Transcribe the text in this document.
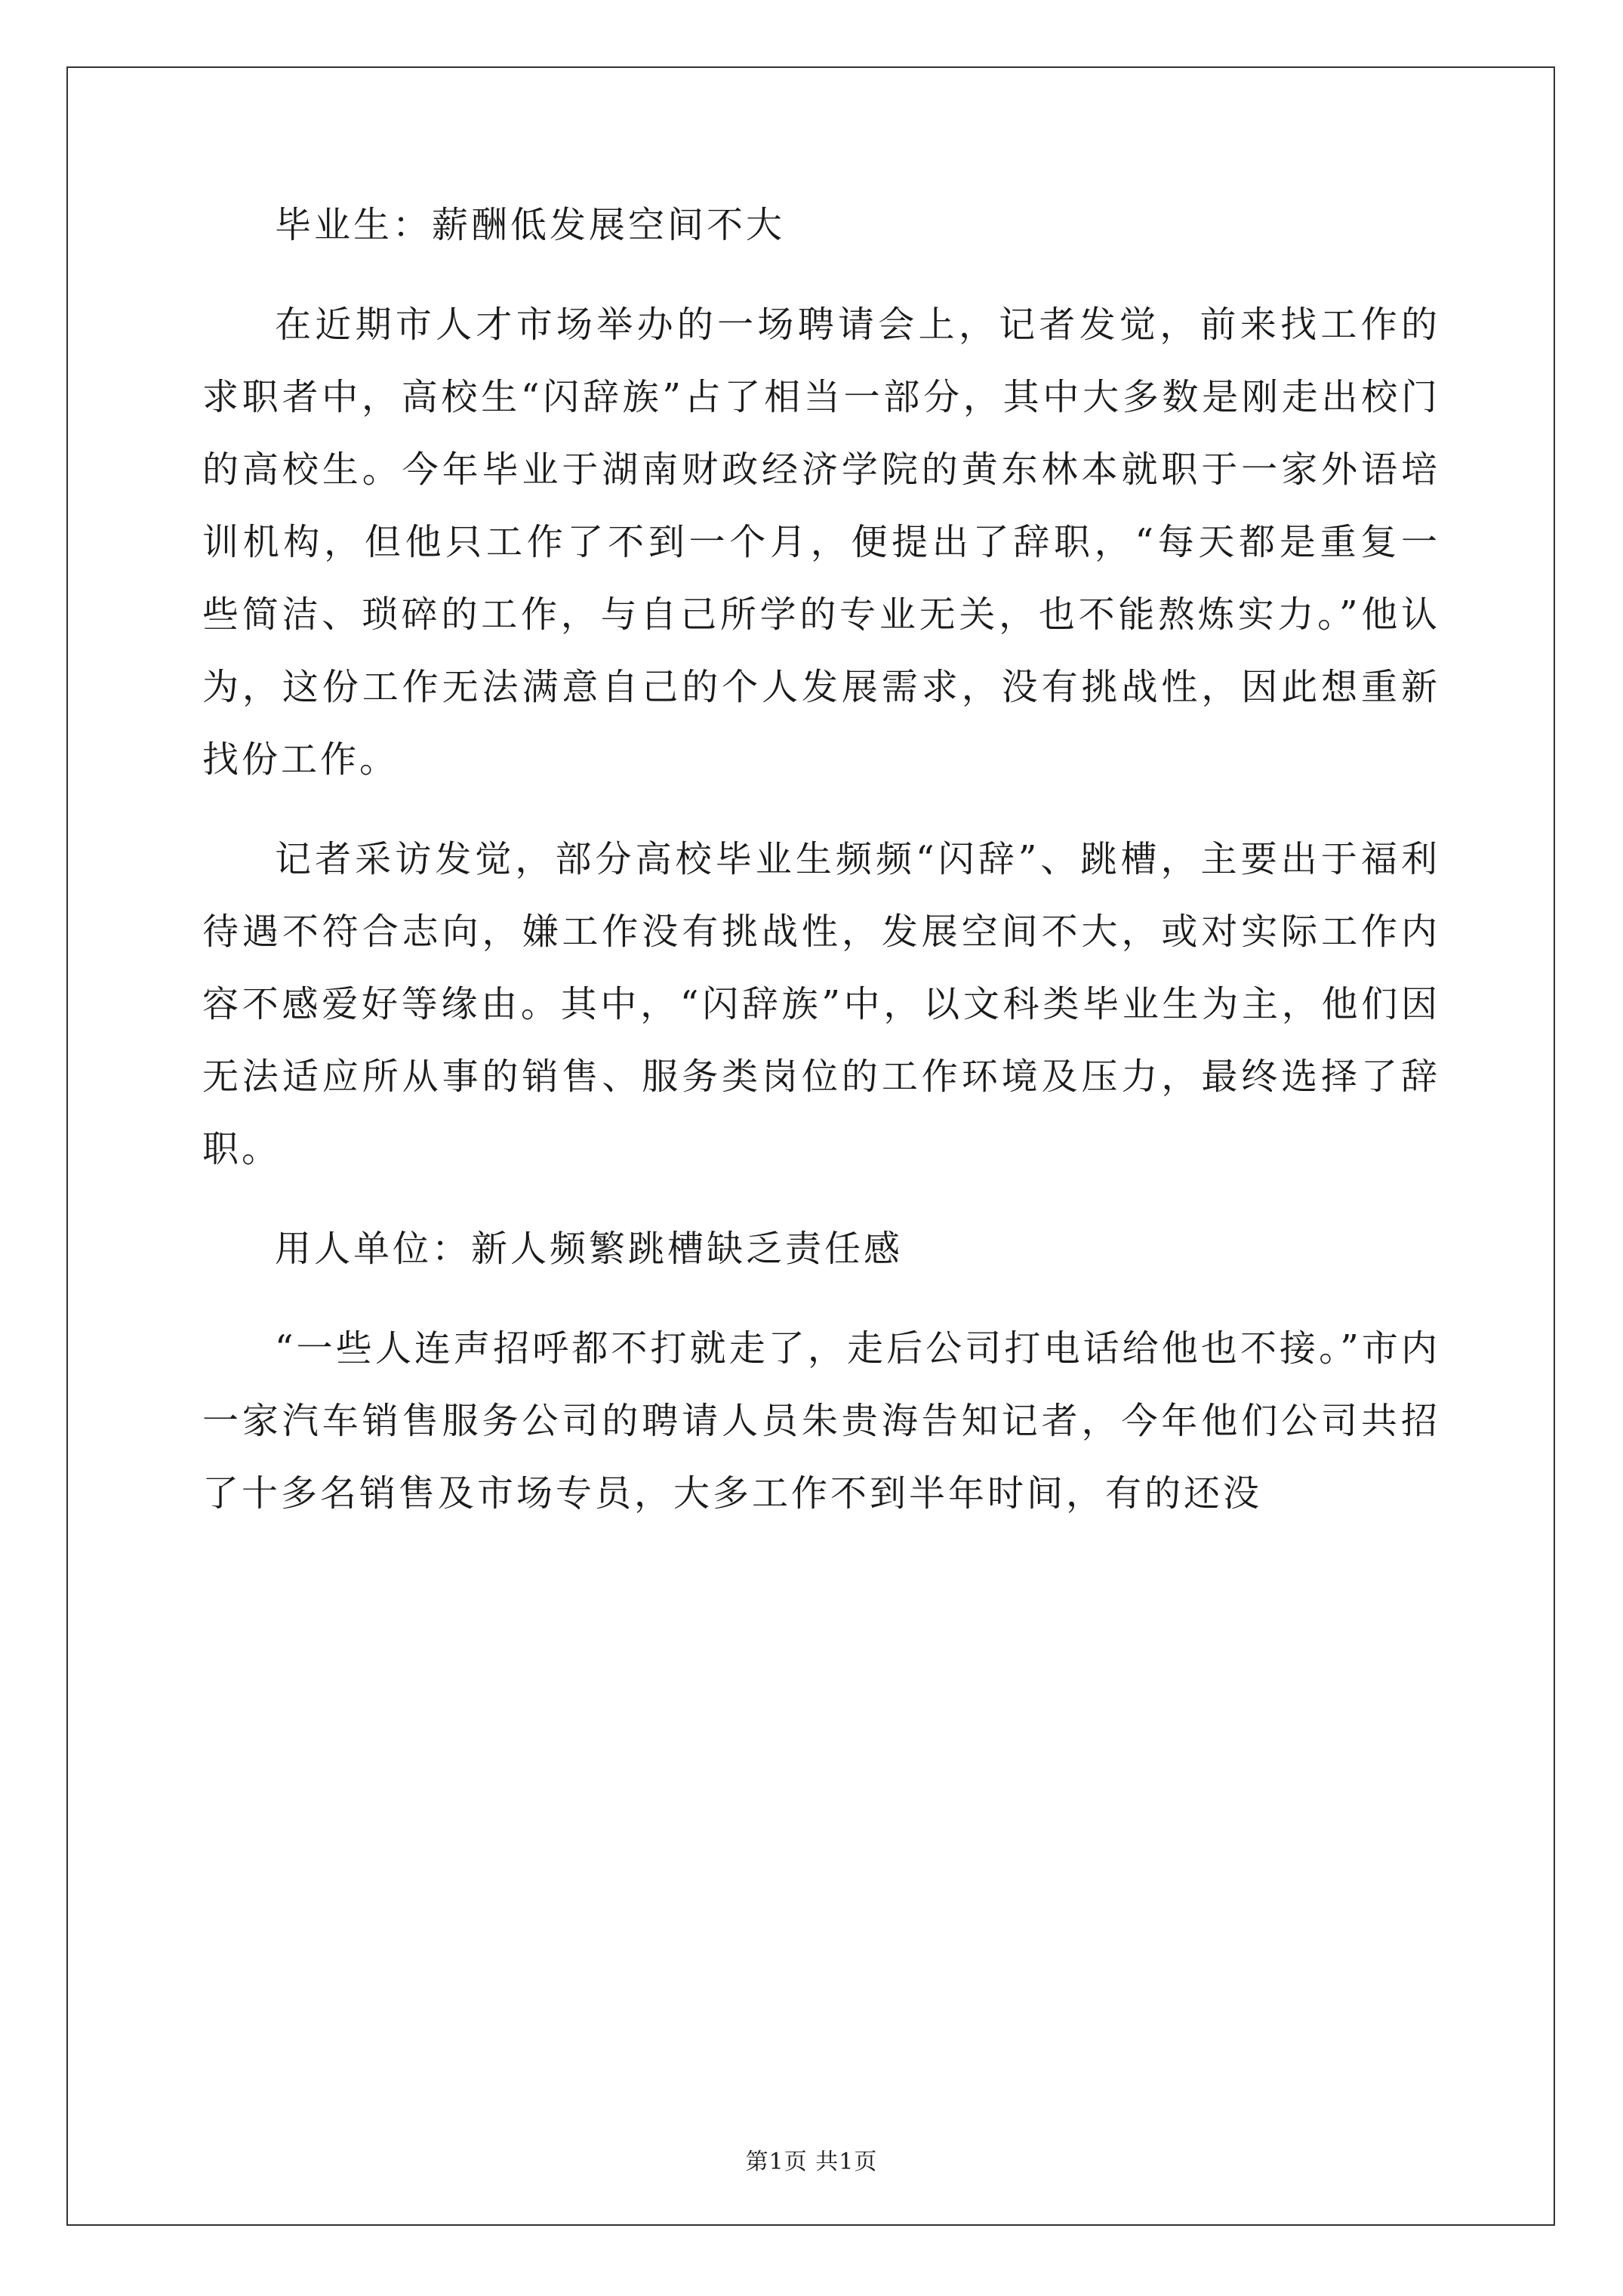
毕业生：薪酬低发展空间不大

在近期市人才市场举办的一场聘请会上，记者发觉，前来找工作的求职者中，高校生“闪辞族”占了相当一部分，其中大多数是刚走出校门的高校生。今年毕业于湖南财政经济学院的黄东林本就职于一家外语培训机构，但他只工作了不到一个月，便提出了辞职，“每天都是重复一些简洁、琐碎的工作，与自己所学的专业无关，也不能熬炼实力。”他认为，这份工作无法满意自己的个人发展需求，没有挑战性，因此想重新找份工作。

记者采访发觉，部分高校毕业生频频“闪辞”、跳槽，主要出于福利待遇不符合志向，嫌工作没有挑战性，发展空间不大，或对实际工作内容不感爱好等缘由。其中，“闪辞族”中，以文科类毕业生为主，他们因无法适应所从事的销售、服务类岗位的工作环境及压力，最终选择了辞职。

用人单位：新人频繁跳槽缺乏责任感

“一些人连声招呼都不打就走了，走后公司打电话给他也不接。”市内一家汽车销售服务公司的聘请人员朱贵海告知记者，今年他们公司共招了十多名销售及市场专员，大多工作不到半年时间，有的还没

第1页 共1页
